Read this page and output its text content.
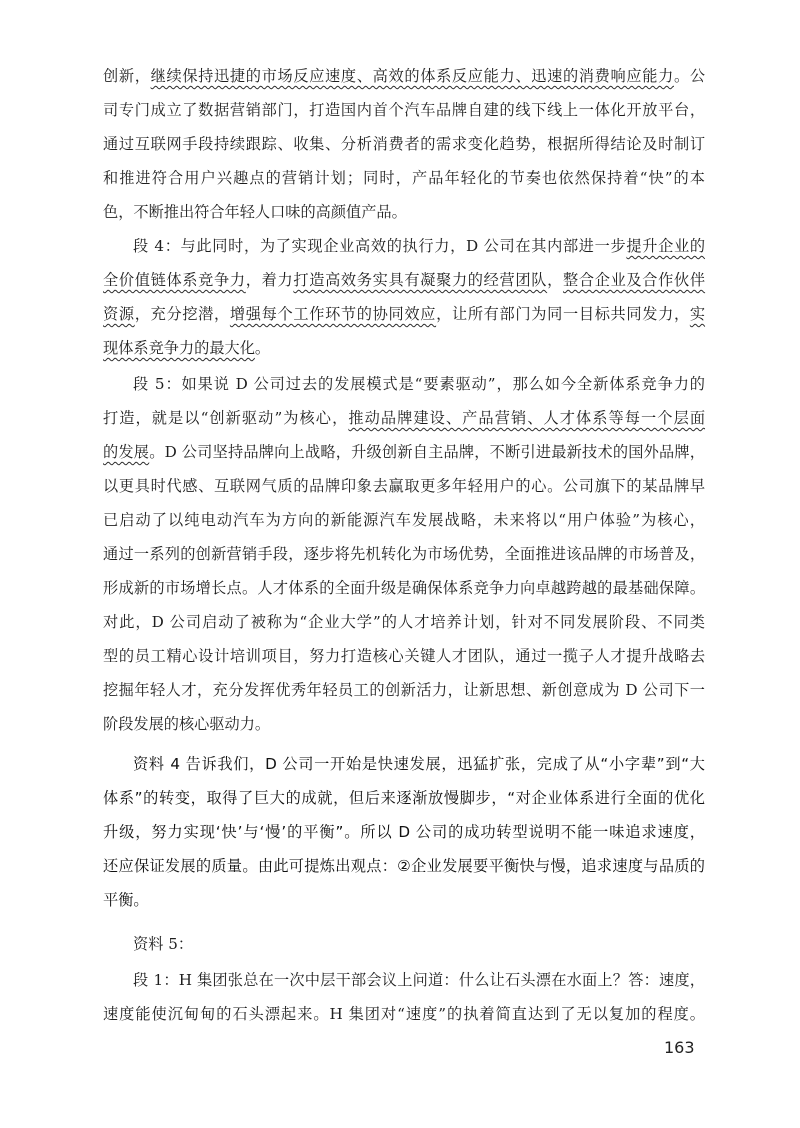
创新，继续保持迅捷的市场反应速度、高效的体系反应能力、迅速的消费响应能力。公
司专门成立了数据营销部门，打造国内首个汽车品牌自建的线下线上一体化开放平台，
通过互联网手段持续跟踪、收集、分析消费者的需求变化趋势，根据所得结论及时制订
和推进符合用户兴趣点的营销计划；同时，产品年轻化的节奏也依然保持着“快”的本
色，不断推出符合年轻人口味的高颜值产品。
段 4：与此同时，为了实现企业高效的执行力，D 公司在其内部进一步提升企业的
全价值链体系竞争力，着力打造高效务实具有凝聚力的经营团队，整合企业及合作伙伴
资源，充分挖潜，增强每个工作环节的协同效应，让所有部门为同一目标共同发力，实
现体系竞争力的最大化。
段 5：如果说 D 公司过去的发展模式是“要素驱动”，那么如今全新体系竞争力的
打造，就是以“创新驱动”为核心，推动品牌建设、产品营销、人才体系等每一个层面
的发展。D 公司坚持品牌向上战略，升级创新自主品牌，不断引进最新技术的国外品牌，
以更具时代感、互联网气质的品牌印象去赢取更多年轻用户的心。公司旗下的某品牌早
已启动了以纯电动汽车为方向的新能源汽车发展战略，未来将以“用户体验”为核心，
通过一系列的创新营销手段，逐步将先机转化为市场优势，全面推进该品牌的市场普及，
形成新的市场增长点。人才体系的全面升级是确保体系竞争力向卓越跨越的最基础保障。
对此，D 公司启动了被称为“企业大学”的人才培养计划，针对不同发展阶段、不同类
型的员工精心设计培训项目，努力打造核心关键人才团队，通过一揽子人才提升战略去
挖掘年轻人才，充分发挥优秀年轻员工的创新活力，让新思想、新创意成为 D 公司下一
阶段发展的核心驱动力。
资料 4 告诉我们，D 公司一开始是快速发展，迅猛扩张，完成了从“小字辈”到“大
体系”的转变，取得了巨大的成就，但后来逐渐放慢脚步，“对企业体系进行全面的优化
升级，努力实现‘快’与‘慢’的平衡”。所以 D 公司的成功转型说明不能一味追求速度，
还应保证发展的质量。由此可提炼出观点：②企业发展要平衡快与慢，追求速度与品质的
平衡。
资料 5：
段 1：H 集团张总在一次中层干部会议上问道：什么让石头漂在水面上？答：速度，
速度能使沉甸甸的石头漂起来。H 集团对“速度”的执着简直达到了无以复加的程度。
163
